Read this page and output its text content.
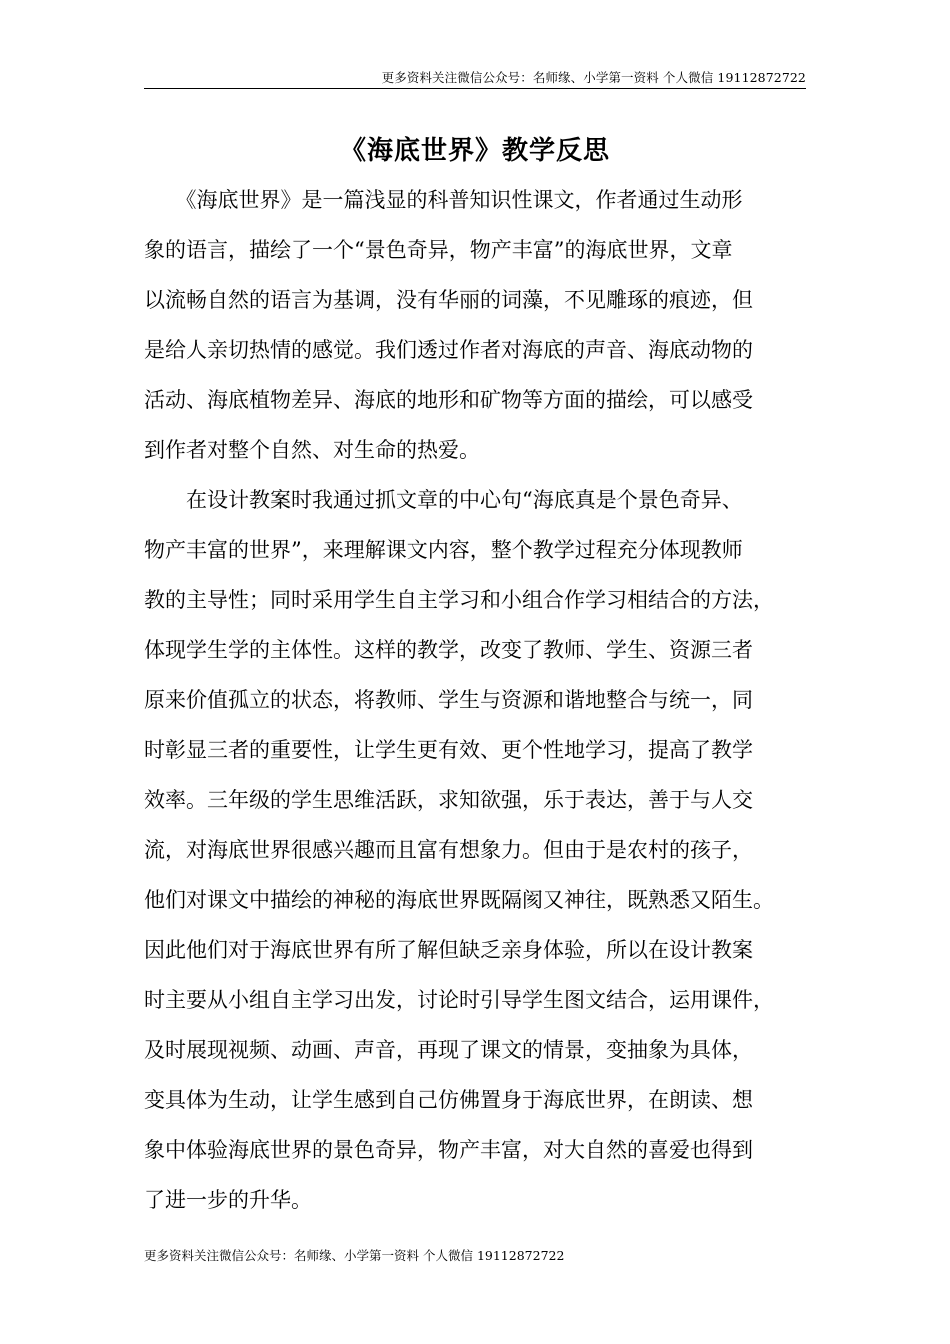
更多资料关注微信公众号：名师缘、小学第一资料 个人微信 19112872722
《海底世界》教学反思
　　《海底世界》是一篇浅显的科普知识性课文，作者通过生动形
象的语言，描绘了一个“景色奇异，物产丰富”的海底世界，文章
以流畅自然的语言为基调，没有华丽的词藻，不见雕琢的痕迹，但
是给人亲切热情的感觉。我们透过作者对海底的声音、海底动物的
活动、海底植物差异、海底的地形和矿物等方面的描绘，可以感受
到作者对整个自然、对生命的热爱。
　　在设计教案时我通过抓文章的中心句“海底真是个景色奇异、
物产丰富的世界”，来理解课文内容，整个教学过程充分体现教师
教的主导性；同时采用学生自主学习和小组合作学习相结合的方法，
体现学生学的主体性。这样的教学，改变了教师、学生、资源三者
原来价值孤立的状态，将教师、学生与资源和谐地整合与统一，同
时彰显三者的重要性，让学生更有效、更个性地学习，提高了教学
效率。三年级的学生思维活跃，求知欲强，乐于表达，善于与人交
流，对海底世界很感兴趣而且富有想象力。但由于是农村的孩子，
他们对课文中描绘的神秘的海底世界既隔阂又神往，既熟悉又陌生。
因此他们对于海底世界有所了解但缺乏亲身体验，所以在设计教案
时主要从小组自主学习出发，讨论时引导学生图文结合，运用课件，
及时展现视频、动画、声音，再现了课文的情景，变抽象为具体，
变具体为生动，让学生感到自己仿佛置身于海底世界，在朗读、想
象中体验海底世界的景色奇异，物产丰富，对大自然的喜爱也得到
了进一步的升华。
更多资料关注微信公众号：名师缘、小学第一资料 个人微信 19112872722
